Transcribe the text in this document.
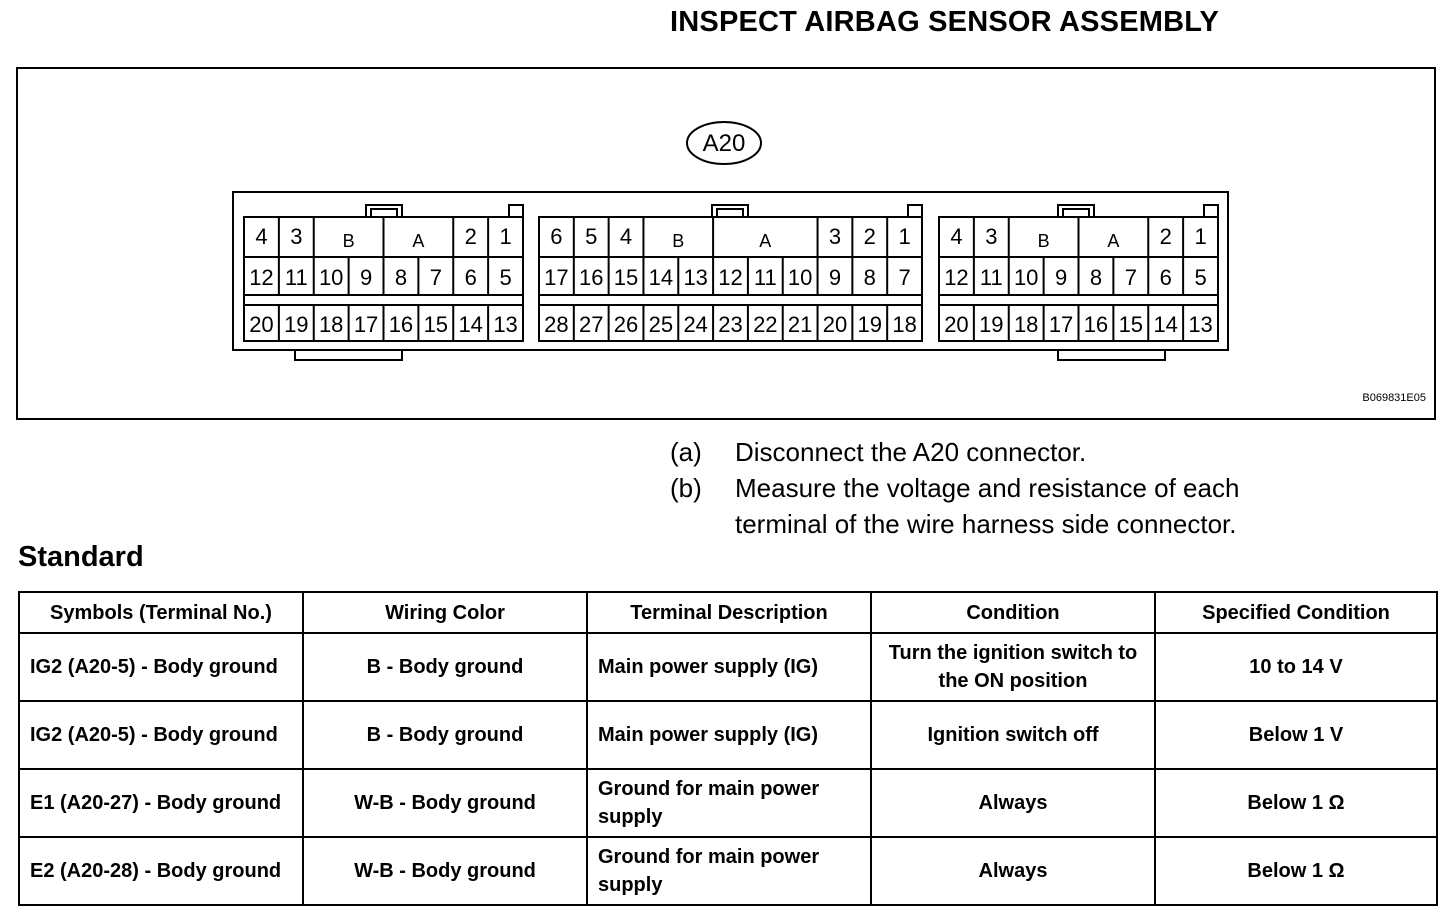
INSPECT AIRBAG SENSOR ASSEMBLY
A20
12 11 10 9 8 7 6 5
20 19 18 17 16 15 14 13
4 3 B	A 2 1
17 16 15 14 13 12 11 10 9 8 7
28 27 26 25 24 23 22 21 20 19 18
6 5 4 B	A	3 2 1
12 11 10 9 8 7 6 5
20 19 18 17 16 15 14 13
4 3 B	A 2 1
B069831E05
(a)	Disconnect the A20 connector.
(b)	Measure the voltage and resistance of each
terminal of the wire harness side connector.
Standard
Symbols (Terminal No.)	Wiring Color	Terminal Description	Condition	Specified Condition
IG2 (A20-5) - Body ground	B - Body ground	Main power supply (IG)	Turn the ignition switch to the ON position	10 to 14 V
IG2 (A20-5) - Body ground	B - Body ground	Main power supply (IG)	Ignition switch off	Below 1 V
E1 (A20-27) - Body ground	W-B - Body ground	Ground for main power supply	Always	Below 1 Ω
E2 (A20-28) - Body ground	W-B - Body ground	Ground for main power supply	Always	Below 1 Ω
